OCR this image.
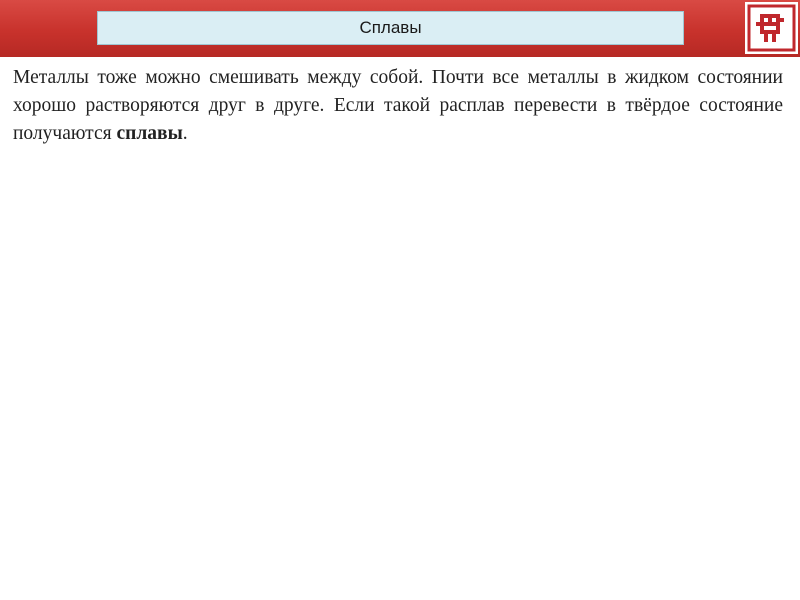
Сплавы

Металлы тоже можно смешивать между собой. Почти все металлы в жидком состоянии хорошо растворяются друг в друге. Если такой расплав перевести в твёрдое состояние получаются сплавы.
